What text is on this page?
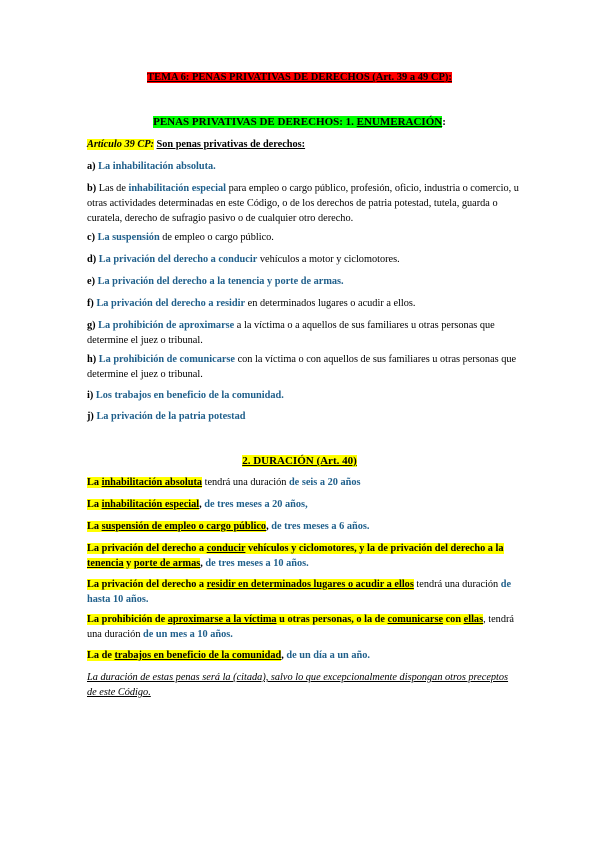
TEMA 6: PENAS PRIVATIVAS DE DERECHOS (Art. 39 a 49 CP):
PENAS PRIVATIVAS DE DERECHOS: 1. ENUMERACIÓN:
Artículo 39 CP: Son penas privativas de derechos:
a) La inhabilitación absoluta.
b) Las de inhabilitación especial para empleo o cargo público, profesión, oficio, industria o comercio, u otras actividades determinadas en este Código, o de los derechos de patria potestad, tutela, guarda o curatela, derecho de sufragio pasivo o de cualquier otro derecho.
c) La suspensión de empleo o cargo público.
d) La privación del derecho a conducir vehículos a motor y ciclomotores.
e) La privación del derecho a la tenencia y porte de armas.
f) La privación del derecho a residir en determinados lugares o acudir a ellos.
g) La prohibición de aproximarse a la víctima o a aquellos de sus familiares u otras personas que determine el juez o tribunal.
h) La prohibición de comunicarse con la víctima o con aquellos de sus familiares u otras personas que determine el juez o tribunal.
i) Los trabajos en beneficio de la comunidad.
j) La privación de la patria potestad
2. DURACIÓN (Art. 40)
La inhabilitación absoluta tendrá una duración de seis a 20 años
La inhabilitación especial, de tres meses a 20 años,
La suspensión de empleo o cargo público, de tres meses a 6 años.
La privación del derecho a conducir vehículos y ciclomotores, y la de privación del derecho a la tenencia y porte de armas, de tres meses a 10 años.
La privación del derecho a residir en determinados lugares o acudir a ellos tendrá una duración de hasta 10 años.
La prohibición de aproximarse a la víctima u otras personas, o la de comunicarse con ellas, tendrá una duración de un mes a 10 años.
La de trabajos en beneficio de la comunidad, de un día a un año.
La duración de estas penas será la (citada), salvo lo que excepcionalmente dispongan otros preceptos de este Código.
